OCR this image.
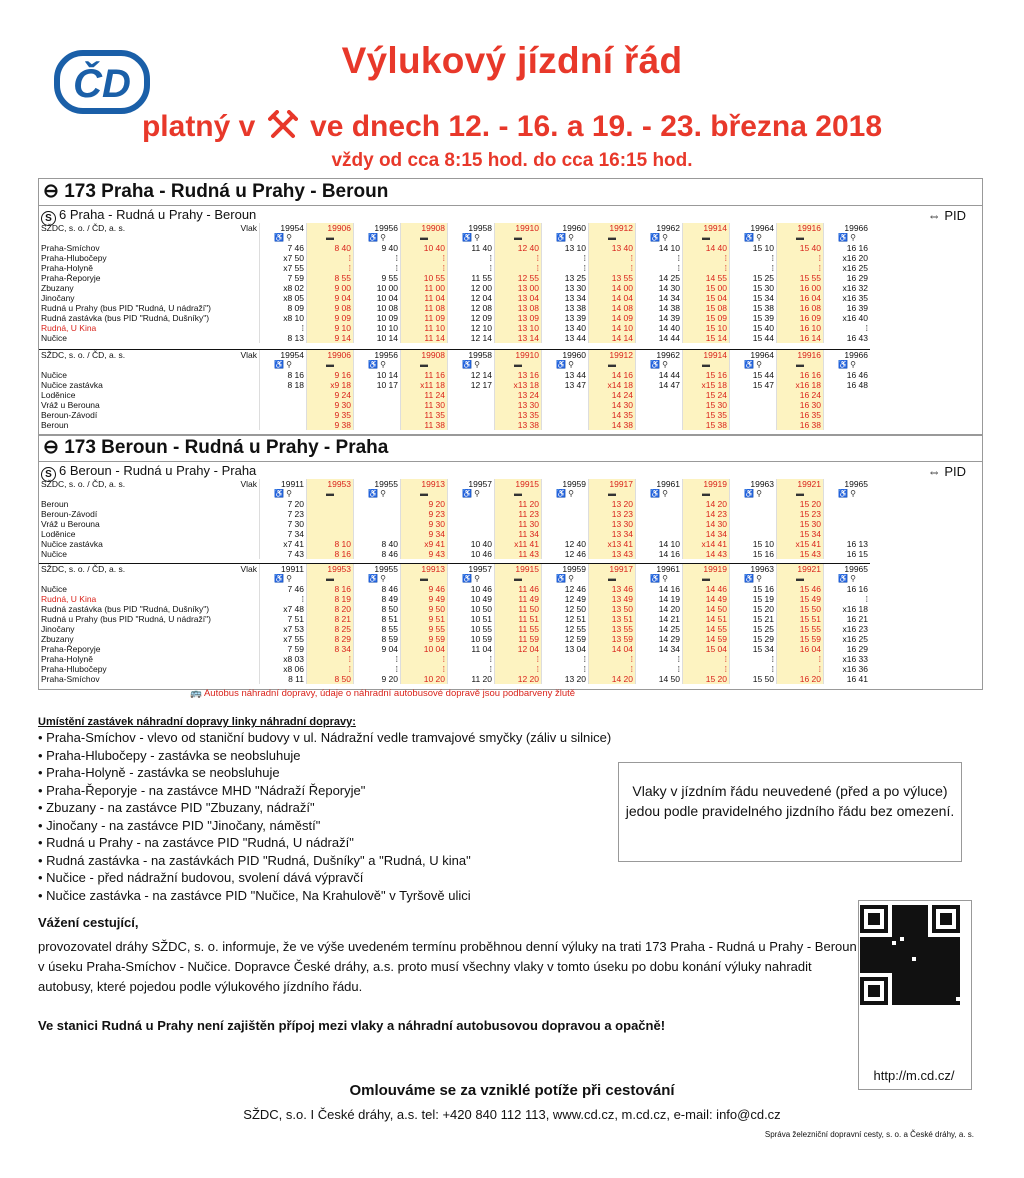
ČD
Výlukový jízdní řád
platný v ve dnech 12. - 16. a 19. - 23. března 2018
vždy od cca 8:15 hod. do cca 16:15 hod.
⊖ 173 Praha - Rudná u Prahy - Beroun
S 6 Praha - Rudná u Prahy - Beroun	⇔ PID
SŽDC, s. o. / ČD, a. s.	Vlak	19954	19906	19956	19908	19958	19910	19960	19912	19962	19914	19964	19916	19966
		♿ ⚲	▬	♿ ⚲	▬	♿ ⚲	▬	♿ ⚲	▬	♿ ⚲	▬	♿ ⚲	▬	♿ ⚲
Praha-Smíchov		7 46	8 40	9 40	10 40	11 40	12 40	13 10	13 40	14 10	14 40	15 10	15 40	16 16
Praha-Hlubočepy		x7 50	⁞	⁞	⁞	⁞	⁞	⁞	⁞	⁞	⁞	⁞	⁞	x16 20
Praha-Holyně		x7 55	⁞	⁞	⁞	⁞	⁞	⁞	⁞	⁞	⁞	⁞	⁞	x16 25
Praha-Řeporyje		7 59	8 55	9 55	10 55	11 55	12 55	13 25	13 55	14 25	14 55	15 25	15 55	16 29
Zbuzany		x8 02	9 00	10 00	11 00	12 00	13 00	13 30	14 00	14 30	15 00	15 30	16 00	x16 32
Jinočany		x8 05	9 04	10 04	11 04	12 04	13 04	13 34	14 04	14 34	15 04	15 34	16 04	x16 35
Rudná u Prahy (bus PID "Rudná, U nádraží")		8 09	9 08	10 08	11 08	12 08	13 08	13 38	14 08	14 38	15 08	15 38	16 08	16 39
Rudná zastávka (bus PID "Rudná, Dušníky")		x8 10	9 09	10 09	11 09	12 09	13 09	13 39	14 09	14 39	15 09	15 39	16 09	x16 40
Rudná, U Kina		⁞	9 10	10 10	11 10	12 10	13 10	13 40	14 10	14 40	15 10	15 40	16 10	⁞
Nučice		8 13	9 14	10 14	11 14	12 14	13 14	13 44	14 14	14 44	15 14	15 44	16 14	16 43
SŽDC, s. o. / ČD, a. s.	Vlak	19954	19906	19956	19908	19958	19910	19960	19912	19962	19914	19964	19916	19966
		♿ ⚲	▬	♿ ⚲	▬	♿ ⚲	▬	♿ ⚲	▬	♿ ⚲	▬	♿ ⚲	▬	♿ ⚲
Nučice		8 16	9 16	10 14	11 16	12 14	13 16	13 44	14 16	14 44	15 16	15 44	16 16	16 46
Nučice zastávka		8 18	x9 18	10 17	x11 18	12 17	x13 18	13 47	x14 18	14 47	x15 18	15 47	x16 18	16 48
Loděnice			9 24		11 24		13 24		14 24		15 24		16 24	
Vráž u Berouna			9 30		11 30		13 30		14 30		15 30		16 30	
Beroun-Závodí			9 35		11 35		13 35		14 35		15 35		16 35	
Beroun			9 38		11 38		13 38		14 38		15 38		16 38	
⊖ 173 Beroun - Rudná u Prahy - Praha
S 6 Beroun - Rudná u Prahy - Praha	⇔ PID
SŽDC, s. o. / ČD, a. s.	Vlak	19911	19953	19955	19913	19957	19915	19959	19917	19961	19919	19963	19921	19965
		♿ ⚲	▬	♿ ⚲	▬	♿ ⚲	▬	♿ ⚲	▬	♿ ⚲	▬	♿ ⚲	▬	♿ ⚲
Beroun		7 20			9 20		11 20		13 20		14 20		15 20	
Beroun-Závodí		7 23			9 23		11 23		13 23		14 23		15 23	
Vráž u Berouna		7 30			9 30		11 30		13 30		14 30		15 30	
Loděnice		7 34			9 34		11 34		13 34		14 34		15 34	
Nučice zastávka		x7 41	8 10	8 40	x9 41	10 40	x11 41	12 40	x13 41	14 10	x14 41	15 10	x15 41	16 13
Nučice		7 43	8 16	8 46	9 43	10 46	11 43	12 46	13 43	14 16	14 43	15 16	15 43	16 15
SŽDC, s. o. / ČD, a. s.	Vlak	19911	19953	19955	19913	19957	19915	19959	19917	19961	19919	19963	19921	19965
		♿ ⚲	▬	♿ ⚲	▬	♿ ⚲	▬	♿ ⚲	▬	♿ ⚲	▬	♿ ⚲	▬	♿ ⚲
Nučice		7 46	8 16	8 46	9 46	10 46	11 46	12 46	13 46	14 16	14 46	15 16	15 46	16 16
Rudná, U Kina		⁞	8 19	8 49	9 49	10 49	11 49	12 49	13 49	14 19	14 49	15 19	15 49	⁞
Rudná zastávka (bus PID "Rudná, Dušníky")		x7 48	8 20	8 50	9 50	10 50	11 50	12 50	13 50	14 20	14 50	15 20	15 50	x16 18
Rudná u Prahy (bus PID "Rudná, U nádraží")		7 51	8 21	8 51	9 51	10 51	11 51	12 51	13 51	14 21	14 51	15 21	15 51	16 21
Jinočany		x7 53	8 25	8 55	9 55	10 55	11 55	12 55	13 55	14 25	14 55	15 25	15 55	x16 23
Zbuzany		x7 55	8 29	8 59	9 59	10 59	11 59	12 59	13 59	14 29	14 59	15 29	15 59	x16 25
Praha-Řeporyje		7 59	8 34	9 04	10 04	11 04	12 04	13 04	14 04	14 34	15 04	15 34	16 04	16 29
Praha-Holyně		x8 03	⁞	⁞	⁞	⁞	⁞	⁞	⁞	⁞	⁞	⁞	⁞	x16 33
Praha-Hlubočepy		x8 06	⁞	⁞	⁞	⁞	⁞	⁞	⁞	⁞	⁞	⁞	⁞	x16 36
Praha-Smíchov		8 11	8 50	9 20	10 20	11 20	12 20	13 20	14 20	14 50	15 20	15 50	16 20	16 41
🚌 Autobus náhradní dopravy, údaje o náhradní autobusové dopravě jsou podbarveny žlutě
Umístění zastávek náhradní dopravy linky náhradní dopravy:
• Praha-Smíchov - vlevo od staniční budovy v ul. Nádražní vedle tramvajové smyčky (záliv u silnice)
• Praha-Hlubočepy - zastávka se neobsluhuje
• Praha-Holyně - zastávka se neobsluhuje
• Praha-Řeporyje - na zastávce MHD "Nádraží Řeporyje"
• Zbuzany - na zastávce PID "Zbuzany, nádraží"
• Jinočany - na zastávce PID "Jinočany, náměstí"
• Rudná u Prahy - na zastávce PID "Rudná, U nádraží"
• Rudná zastávka - na zastávkách PID "Rudná, Dušníky" a "Rudná, U kina"
• Nučice - před nádražní budovou, svolení dává výpravčí
• Nučice zastávka - na zastávce PID "Nučice, Na Krahulově" v Tyršově ulici
Vlaky v jízdním řádu neuvedené (před a po výluce) jedou podle pravidelného jizdního řádu bez omezení.
Vážení cestující,
provozovatel dráhy SŽDC, s. o. informuje, že ve výše uvedeném termínu proběhnou denní výluky na trati 173 Praha - Rudná u Prahy - Beroun v úseku Praha-Smíchov - Nučice. Dopravce České dráhy, a.s. proto musí všechny vlaky v tomto úseku po dobu konání výluky nahradit autobusy, které pojedou podle výlukového jízdního řádu.
Ve stanici Rudná u Prahy není zajištěn přípoj mezi vlaky a náhradní autobusovou dopravou a opačně!
http://m.cd.cz/
Omlouváme se za vzniklé potíže při cestování
SŽDC, s.o. I České dráhy, a.s. tel: +420 840 112 113, www.cd.cz, m.cd.cz, e-mail: info@cd.cz
Správa železniční dopravní cesty, s. o. a České dráhy, a. s.
